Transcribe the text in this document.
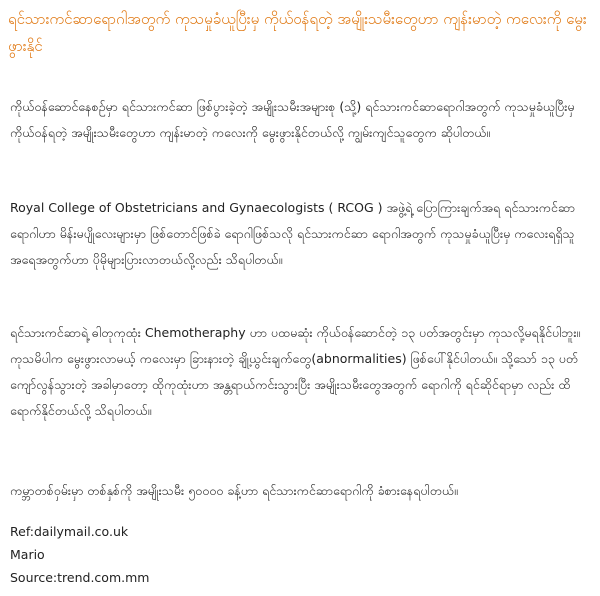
ရင်သားကင်ဆာရောဂါအတွက် ကုသမှုခံယူပြီးမှ ကိုယ်ဝန်ရတဲ့ အမျိုးသမီးတွေဟာ ကျန်းမာတဲ့ ကလေးကို မွေးဖွားနိုင်

ကိုယ်ဝန်ဆောင်နေစဉ်မှာ ရင်သားကင်ဆာ ဖြစ်ပွားခဲ့တဲ့ အမျိုးသမီးအများစု (သို့) ရင်သားကင်ဆာရောဂါအတွက် ကုသမှုခံယူပြီးမှ ကိုယ်ဝန်ရတဲ့ အမျိုးသမီးတွေဟာ ကျန်းမာတဲ့ ကလေးကို မွေးဖွားနိုင်တယ်လို့ ကျွမ်းကျင်သူတွေက ဆိုပါတယ်။

Royal College of Obstetricians and Gynaecologists ( RCOG ) အဖွဲ့ရဲ့ ပြောကြားချက်အရ ရင်သားကင်ဆာရောဂါဟာ မိန်းမပျိုလေးများမှာ ဖြစ်တောင်ဖြစ်ခဲ ရောဂါဖြစ်သလို ရင်သားကင်ဆာ ရောဂါအတွက် ကုသမှုခံယူပြီးမှ ကလေးရရှိသူ အရေအတွက်ဟာ ပိုမိုများပြားလာတယ်လို့လည်း သိရပါတယ်။

ရင်သားကင်ဆာရဲ့ ဓါတုကုထုံး Chemotheraphy ဟာ ပထမဆုံး ကိုယ်ဝန်ဆောင်တဲ့ ၁၃ ပတ်အတွင်းမှာ ကုသလို့မရနိုင်ပါဘူး။ ကုသမိပါက မွေးဖွားလာမယ့် ကလေးမှာ ခြားနားတဲ့ ချို့ယွင်းချက်တွေ(abnormalities) ဖြစ်ပေါ်နိုင်ပါတယ်။ သို့သော် ၁၃ ပတ်ကျော်လွန်သွားတဲ့ အခါမှာတော့ ထိုကုထုံးဟာ အန္တရာယ်ကင်းသွားပြီး အမျိုးသမီးတွေအတွက် ရောဂါကို ရင်ဆိုင်ရာမှာ လည်း ထိရောက်နိုင်တယ်လို့ သိရပါတယ်။

ကမ္ဘာတစ်ဝှမ်းမှာ တစ်နှစ်ကို အမျိုးသမီး ၅၀၀၀၀ ခန့်ဟာ ရင်သားကင်ဆာရောဂါကို ခံစားနေရပါတယ်။

Ref:dailymail.co.uk
Mario
Source:trend.com.mm
